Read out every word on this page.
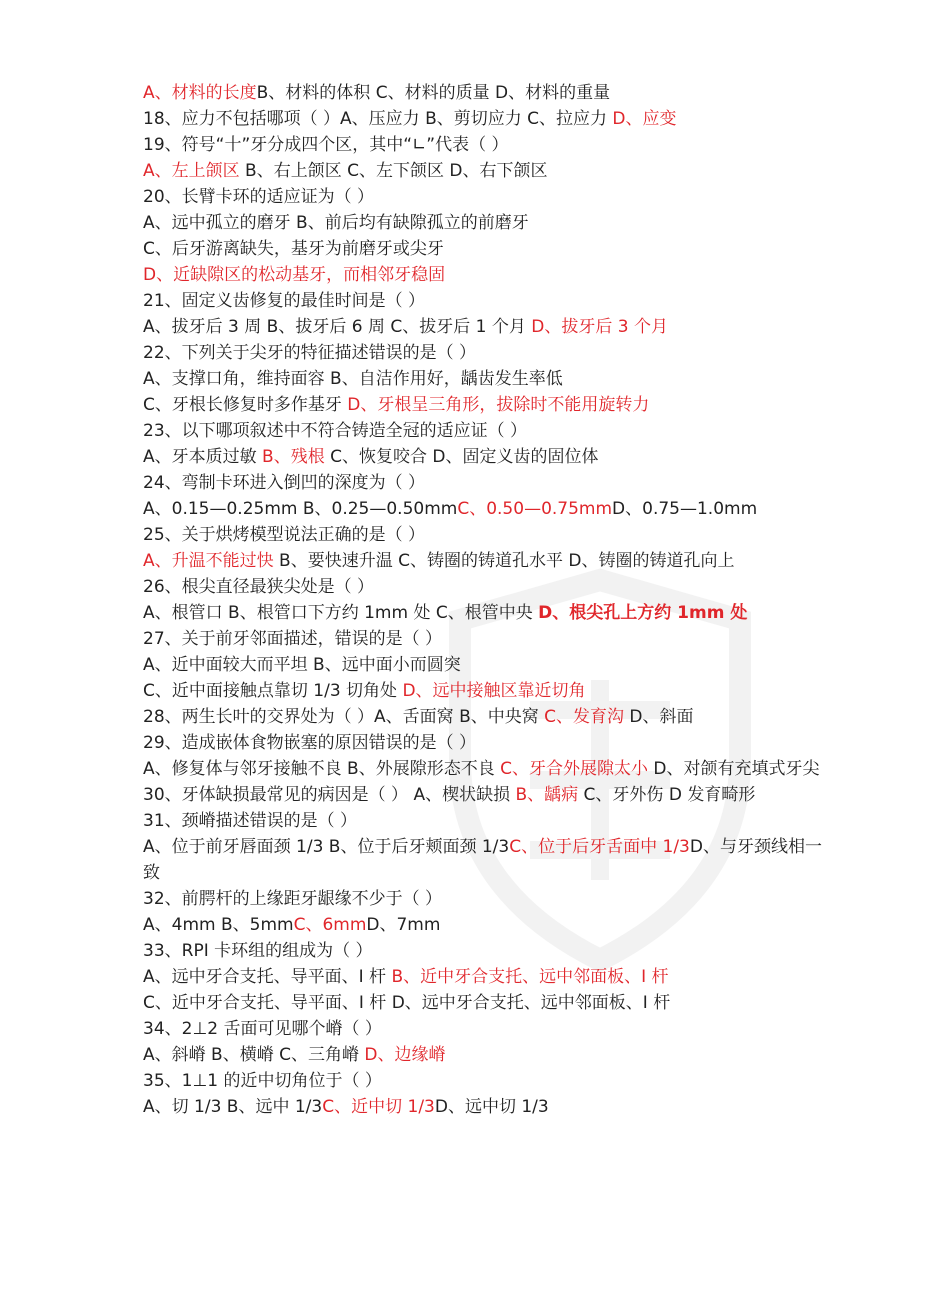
A、材料的长度B、材料的体积 C、材料的质量 D、材料的重量
18、应力不包括哪项（ ）A、压应力 B、剪切应力 C、拉应力 D、应变
19、符号“十”牙分成四个区，其中“∟”代表（ ）
A、左上颌区 B、右上颌区 C、左下颌区 D、右下颌区
20、长臂卡环的适应证为（ ）
A、远中孤立的磨牙 B、前后均有缺隙孤立的前磨牙
C、后牙游离缺失，基牙为前磨牙或尖牙
D、近缺隙区的松动基牙，而相邻牙稳固
21、固定义齿修复的最佳时间是（ ）
A、拔牙后 3 周 B、拔牙后 6 周 C、拔牙后 1 个月 D、拔牙后 3 个月
22、下列关于尖牙的特征描述错误的是（ ）
A、支撑口角，维持面容 B、自洁作用好，龋齿发生率低
C、牙根长修复时多作基牙 D、牙根呈三角形，拔除时不能用旋转力
23、以下哪项叙述中不符合铸造全冠的适应证（ ）
A、牙本质过敏 B、残根 C、恢复咬合 D、固定义齿的固位体
24、弯制卡环进入倒凹的深度为（ ）
A、0.15—0.25mm B、0.25—0.50mmC、0.50—0.75mmD、0.75—1.0mm
25、关于烘烤模型说法正确的是（ ）
A、升温不能过快 B、要快速升温 C、铸圈的铸道孔水平 D、铸圈的铸道孔向上
26、根尖直径最狭尖处是（ ）
A、根管口 B、根管口下方约 1mm 处 C、根管中央 D、根尖孔上方约 1mm 处
27、关于前牙邻面描述，错误的是（ ）
A、近中面较大而平坦 B、远中面小而圆突
C、近中面接触点靠切 1/3 切角处 D、远中接触区靠近切角
28、两生长叶的交界处为（ ）A、舌面窝 B、中央窝 C、发育沟 D、斜面
29、造成嵌体食物嵌塞的原因错误的是（ ）
A、修复体与邻牙接触不良 B、外展隙形态不良 C、牙合外展隙太小 D、对颌有充填式牙尖
30、牙体缺损最常见的病因是（ ） A、楔状缺损 B、龋病 C、牙外伤 D 发育畸形
31、颈嵴描述错误的是（ ）
A、位于前牙唇面颈 1/3 B、位于后牙颊面颈 1/3C、位于后牙舌面中 1/3D、与牙颈线相一致
32、前腭杆的上缘距牙龈缘不少于（ ）
A、4mm B、5mmC、6mmD、7mm
33、RPI 卡环组的组成为（ ）
A、远中牙合支托、导平面、I 杆 B、近中牙合支托、远中邻面板、I 杆
C、近中牙合支托、导平面、I 杆 D、远中牙合支托、远中邻面板、I 杆
34、2⊥2 舌面可见哪个嵴（ ）
A、斜嵴 B、横嵴 C、三角嵴 D、边缘嵴
35、1⊥1 的近中切角位于（ ）
A、切 1/3 B、远中 1/3C、近中切 1/3D、远中切 1/3
